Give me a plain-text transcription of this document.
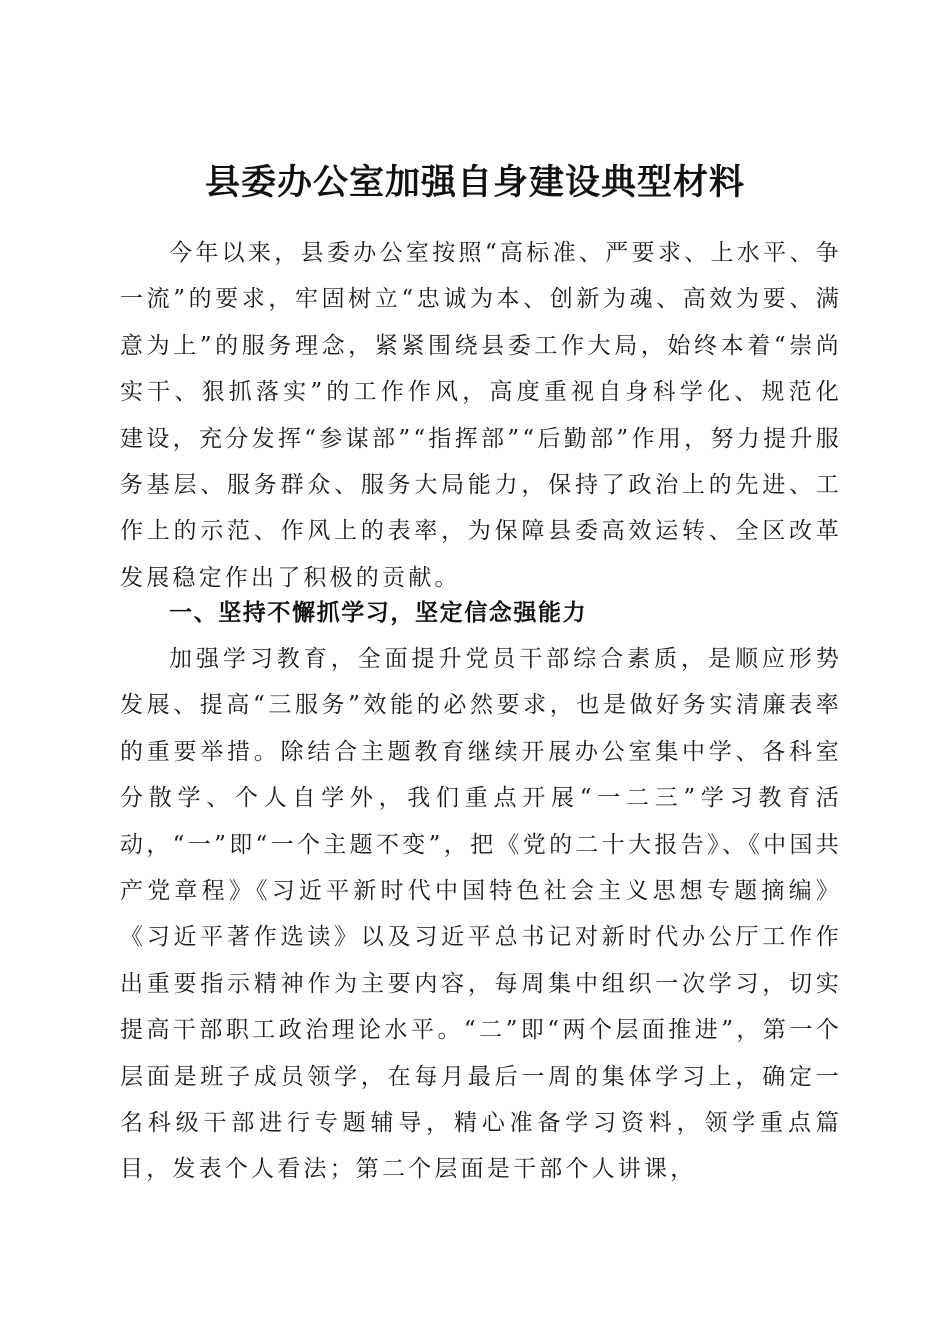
县委办公室加强自身建设典型材料

今年以来，县委办公室按照“高标准、严要求、上水平、争一流”的要求，牢固树立“忠诚为本、创新为魂、高效为要、满意为上”的服务理念，紧紧围绕县委工作大局，始终本着“崇尚实干、狠抓落实”的工作作风，高度重视自身科学化、规范化建设，充分发挥“参谋部”“指挥部”“后勤部”作用，努力提升服务基层、服务群众、服务大局能力，保持了政治上的先进、工作上的示范、作风上的表率，为保障县委高效运转、全区改革发展稳定作出了积极的贡献。

一、坚持不懈抓学习，坚定信念强能力

加强学习教育，全面提升党员干部综合素质，是顺应形势发展、提高“三服务”效能的必然要求，也是做好务实清廉表率的重要举措。除结合主题教育继续开展办公室集中学、各科室分散学、个人自学外，我们重点开展“一二三”学习教育活动，“一”即“一个主题不变”，把《党的二十大报告》、《中国共产党章程》《习近平新时代中国特色社会主义思想专题摘编》《习近平著作选读》以及习近平总书记对新时代办公厅工作作出重要指示精神作为主要内容，每周集中组织一次学习，切实提高干部职工政治理论水平。“二”即“两个层面推进”，第一个层面是班子成员领学，在每月最后一周的集体学习上，确定一名科级干部进行专题辅导，精心准备学习资料，领学重点篇目，发表个人看法；第二个层面是干部个人讲课，
